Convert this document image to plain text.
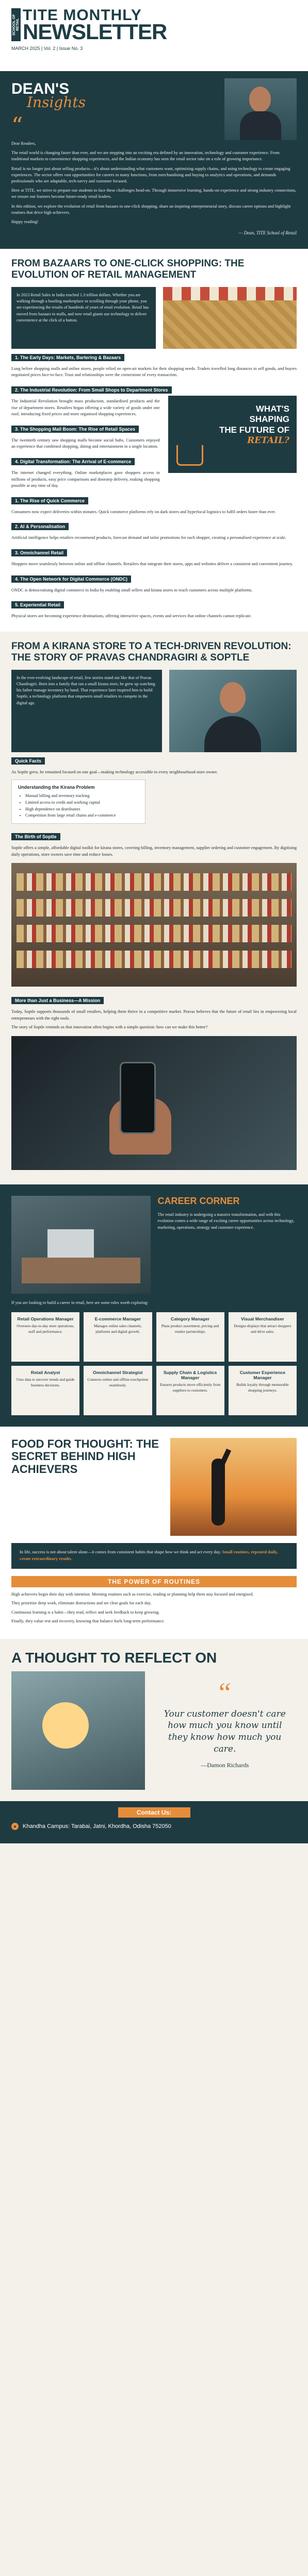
SCHOOL OF RETAIL
TITE MONTHLY
NEWSLETTER
MARCH 2025 | Vol. 2 | Issue No. 3
DEAN'S
Insights
“

Dear Readers,

The retail world is changing faster than ever, and we are stepping into an exciting era defined by an innovation, technology and customer experience. From traditional markets to convenience shopping experiences, and the Indian economy has seen the retail sector take on a role of growing importance.

Retail is no longer just about selling products—it's about understanding what customers want, optimizing supply chains, and using technology to create engaging experiences. The sector offers vast opportunities for careers in many functions, from merchandising and buying to analytics and operations, and demands professionals who are adaptable, tech-savvy and customer focused.

Here at TITE, we strive to prepare our students to face these challenges head-on. Through immersive learning, hands-on experience and strong industry connections, we ensure our learners become future-ready retail leaders.

In this edition, we explore the evolution of retail from bazaars to one-click shopping, share an inspiring entrepreneurial story, discuss career options and highlight routines that drive high achievers.

Happy reading!

— Dean, TITE School of Retail
FROM BAZAARS TO ONE-CLICK SHOPPING: THE EVOLUTION OF RETAIL MANAGEMENT
In 2023 Retail Sales in India reached 1.3 trillion dollars. Whether you are walking through a bustling marketplace or scrolling through your phone, you are experiencing the results of hundreds of years of retail evolution. Retail has moved from bazaars to malls, and now retail giants use technology to deliver convenience at the click of a button.
1. The Early Days: Markets, Bartering & Bazaars

Long before shopping malls and online stores, people relied on open-air markets for their shopping needs. Traders travelled long distances to sell goods, and buyers negotiated prices face-to-face. Trust and relationships were the cornerstone of every transaction.

2. The Industrial Revolution: From Small Shops to Department Stores

The Industrial Revolution brought mass production, standardised products and the rise of department stores. Retailers began offering a wide variety of goods under one roof, introducing fixed prices and more organised shopping experiences.

3. The Shopping Mall Boom: The Rise of Retail Spaces

The twentieth century saw shopping malls become social hubs. Customers enjoyed an experience that combined shopping, dining and entertainment in a single location.

4. Digital Transformation: The Arrival of E-commerce

The internet changed everything. Online marketplaces gave shoppers access to millions of products, easy price comparisons and doorstep delivery, making shopping possible at any time of day.

WHAT'S
SHAPING
THE FUTURE OF
RETAIL?
1. The Rise of Quick Commerce

Consumers now expect deliveries within minutes. Quick commerce platforms rely on dark stores and hyperlocal logistics to fulfil orders faster than ever.

2. AI & Personalisation

Artificial intelligence helps retailers recommend products, forecast demand and tailor promotions for each shopper, creating a personalised experience at scale.

3. Omnichannel Retail

Shoppers move seamlessly between online and offline channels. Retailers that integrate their stores, apps and websites deliver a consistent and convenient journey.

4. The Open Network for Digital Commerce (ONDC)

ONDC is democratising digital commerce in India by enabling small sellers and kirana stores to reach customers across multiple platforms.

5. Experiential Retail

Physical stores are becoming experience destinations, offering interactive spaces, events and services that online channels cannot replicate.

FROM A KIRANA STORE TO A TECH-DRIVEN REVOLUTION: THE STORY OF PRAVAS CHANDRAGIRI & SOPTLE
In the ever-evolving landscape of retail, few stories stand out like that of Pravas Chandragiri. Born into a family that ran a small kirana store, he grew up watching his father manage inventory by hand. That experience later inspired him to build Soptle, a technology platform that empowers small retailers to compete in the digital age.
Quick Facts

As Soptle grew, he remained focused on one goal—making technology accessible to every neighbourhood store owner.

Understanding the Kirana Problem
• Manual billing and inventory tracking
• Limited access to credit and working capital
• High dependence on distributors
• Competition from large retail chains and e-commerce
The Birth of Soptle

Soptle offers a simple, affordable digital toolkit for kirana stores, covering billing, inventory management, supplier ordering and customer engagement. By digitising daily operations, store owners save time and reduce losses.

More than Just a Business—A Mission

Today, Soptle supports thousands of small retailers, helping them thrive in a competitive market. Pravas believes that the future of retail lies in empowering local entrepreneurs with the right tools.

The story of Soptle reminds us that innovation often begins with a simple question: how can we make this better?

CAREER CORNER
The retail industry is undergoing a massive transformation, and with this evolution comes a wide range of exciting career opportunities across technology, marketing, operations, strategy and customer experience.
If you are looking to build a career in retail, here are some roles worth exploring:
Retail Operations Manager
Oversees day-to-day store operations, staff and performance.
E-commerce Manager
Manages online sales channels, platforms and digital growth.
Category Manager
Plans product assortment, pricing and vendor partnerships.
Visual Merchandiser
Designs displays that attract shoppers and drive sales.
Retail Analyst
Uses data to uncover trends and guide business decisions.
Omnichannel Strategist
Connects online and offline touchpoints seamlessly.
Supply Chain & Logistics Manager
Ensures products move efficiently from suppliers to customers.
Customer Experience Manager
Builds loyalty through memorable shopping journeys.
FOOD FOR THOUGHT: THE SECRET BEHIND HIGH ACHIEVERS
In life, success is not about talent alone—it comes from consistent habits that shape how we think and act every day. Small routines, repeated daily, create extraordinary results.
THE POWER OF ROUTINES

High achievers begin their day with intention. Morning routines such as exercise, reading or planning help them stay focused and energised.

They prioritise deep work, eliminate distractions and set clear goals for each day.

Continuous learning is a habit—they read, reflect and seek feedback to keep growing.

Finally, they value rest and recovery, knowing that balance fuels long-term performance.

A THOUGHT TO REFLECT ON
“
Your customer doesn't care how much you know until they know how much you care.
—Damon Richards
Contact Us:
●	Khandha Campus: Tarabai, Jatni, Khordha, Odisha 752050
